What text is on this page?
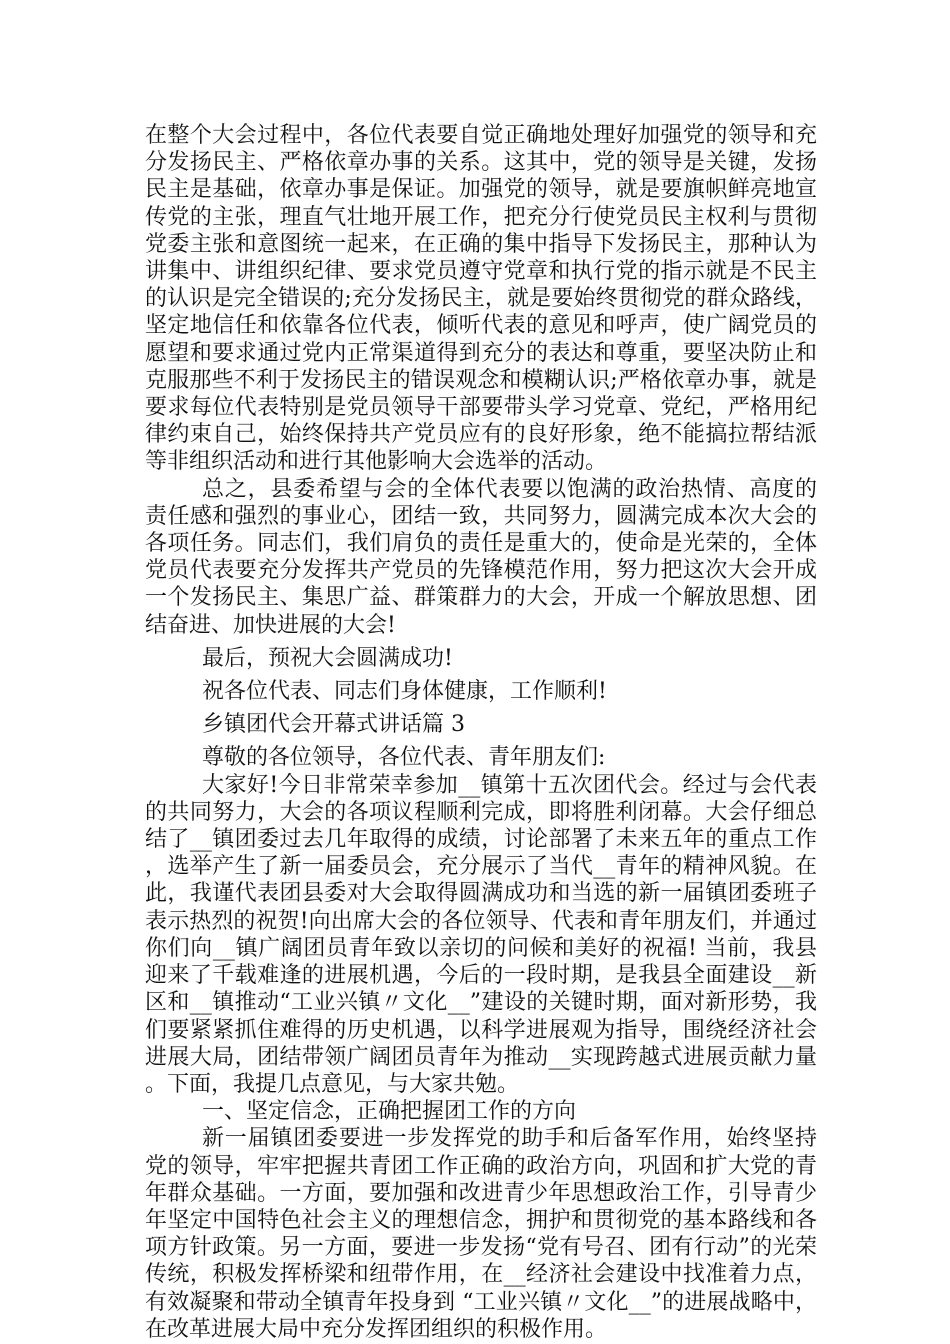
在整个大会过程中，各位代表要自觉正确地处理好加强党的领导和充分发扬民主、严格依章办事的关系。这其中，党的领导是关键，发扬民主是基础，依章办事是保证。加强党的领导，就是要旗帜鲜亮地宣传党的主张，理直气壮地开展工作，把充分行使党员民主权利与贯彻党委主张和意图统一起来，在正确的集中指导下发扬民主，那种认为讲集中、讲组织纪律、要求党员遵守党章和执行党的指示就是不民主的认识是完全错误的;充分发扬民主，就是要始终贯彻党的群众路线，坚定地信任和依靠各位代表，倾听代表的意见和呼声，使广阔党员的愿望和要求通过党内正常渠道得到充分的表达和尊重，要坚决防止和克服那些不利于发扬民主的错误观念和模糊认识;严格依章办事，就是要求每位代表特别是党员领导干部要带头学习党章、党纪，严格用纪律约束自己，始终保持共产党员应有的良好形象，绝不能搞拉帮结派等非组织活动和进行其他影响大会选举的活动。

总之，县委希望与会的全体代表要以饱满的政治热情、高度的责任感和强烈的事业心，团结一致，共同努力，圆满完成本次大会的各项任务。同志们，我们肩负的责任是重大的，使命是光荣的，全体党员代表要充分发挥共产党员的先锋模范作用，努力把这次大会开成一个发扬民主、集思广益、群策群力的大会，开成一个解放思想、团结奋进、加快进展的大会!

最后，预祝大会圆满成功!

祝各位代表、同志们身体健康，工作顺利!

乡镇团代会开幕式讲话篇 3

尊敬的各位领导，各位代表、青年朋友们:

大家好!今日非常荣幸参加__镇第十五次团代会。经过与会代表的共同努力，大会的各项议程顺利完成，即将胜利闭幕。大会仔细总结了__镇团委过去几年取得的成绩，讨论部署了未来五年的重点工作，选举产生了新一届委员会，充分展示了当代__青年的精神风貌。在此，我谨代表团县委对大会取得圆满成功和当选的新一届镇团委班子表示热烈的祝贺!向出席大会的各位领导、代表和青年朋友们，并通过你们向__镇广阔团员青年致以亲切的问候和美好的祝福! 当前，我县迎来了千载难逢的进展机遇，今后的一段时期，是我县全面建设__新区和__镇推动“工业兴镇〃文化__”建设的关键时期，面对新形势，我们要紧紧抓住难得的历史机遇，以科学进展观为指导，围绕经济社会进展大局，团结带领广阔团员青年为推动__实现跨越式进展贡献力量。下面，我提几点意见，与大家共勉。

一、坚定信念，正确把握团工作的方向

新一届镇团委要进一步发挥党的助手和后备军作用，始终坚持党的领导，牢牢把握共青团工作正确的政治方向，巩固和扩大党的青年群众基础。一方面，要加强和改进青少年思想政治工作，引导青少年坚定中国特色社会主义的理想信念，拥护和贯彻党的基本路线和各项方针政策。另一方面，要进一步发扬“党有号召、团有行动”的光荣传统，积极发挥桥梁和纽带作用，在__经济社会建设中找准着力点，有效凝聚和带动全镇青年投身到 “工业兴镇〃文化__”的进展战略中，在改革进展大局中充分发挥团组织的积极作用。
